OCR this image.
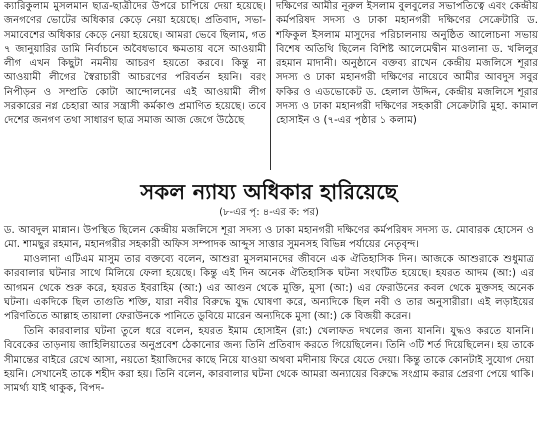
ক্যারিকুলাম মুসলমান ছাত্র-ছাত্রীদের উপরে চাপিয়ে দেয়া হয়েছে। জনগণের ভোটের অধিকার কেড়ে নেয়া হয়েছে। প্রতিবাদ, সভা-সমাবেশের অধিকার কেড়ে নেয়া হয়েছে। আমরা ভেবে ছিলাম, গত ৭ জানুয়ারির ডামি নির্বাচনে অবৈধভাবে ক্ষমতায় বসে আওয়ামী লীগ এখন কিছুটা নমনীয় আচরণ হয়তো করবে। কিন্তু না আওয়ামী লীগের স্বৈরাচারী আচরণের পরিবর্তন হয়নি। বরং নিপীড়ন ও সম্প্রতি কোটা আন্দোলনের এই আওয়ামী লীগ সরকারের নগ্ন চেহারা আর সন্ত্রাসী কর্মকাণ্ড প্রমাণিত হয়েছে। তবে দেশের জনগণ তথা সাধারণ ছাত্র সমাজ আজ জেগে উঠেছে

দক্ষিণের আমীর নূরুল ইসলাম বুলবুলের সভাপতিত্বে এবং কেন্দ্রীয় কর্মপরিষদ সদস্য ও ঢাকা মহানগরী দক্ষিণের সেক্রেটারি ড. শফিকুল ইসলাম মাসুদের পরিচালনায় অনুষ্ঠিত আলোচনা সভায় বিশেষ অতিথি ছিলেন বিশিষ্ট আলেমেদ্বীন মাওলানা ড. খলিলুর রহমান মাদানী। অনুষ্ঠানে বক্তব্য রাখেন কেন্দ্রীয় মজলিসে শূরার সদস্য ও ঢাকা মহানগরী দক্ষিণের নায়েবে আমীর আবদুস সবুর ফকির ও এডভোকেট ড. হেলাল উদ্দিন, কেন্দ্রীয় মজলিসে শূরার সদস্য ও ঢাকা মহানগরী দক্ষিণের সহকারী সেক্রেটারি মুহা. কামাল হোসাইন ও (৭-এর পৃষ্ঠার ১ কলাম)

সকল ন্যায্য অধিকার হারিয়েছে

(৮-এর পৃ: ৪-এর ক: পর)

ড. আবদুল মান্নান। উপস্থিত ছিলেন কেন্দ্রীয় মজলিসে শূরা সদস্য ও ঢাকা মহানগরী দক্ষিণের কর্মপরিষদ সদস্য ড. মোবারক হোসেন ও মো. শামছুর রহমান, মহানগরীর সহকারী অফিস সম্পাদক আব্দুস সাত্তার সুমনসহ বিভিন্ন পর্যায়ের নেতৃবৃন্দ।

মাওলানা এটিএম মাসুম তার বক্তব্যে বলেন, আশুরা মুসলমানদের জীবনে এক ঐতিহাসিক দিন। আজকে আশুরাকে শুধুমাত্র কারবালার ঘটনার সাথে মিলিয়ে ফেলা হয়েছে। কিন্তু এই দিন অনেক ঐতিহাসিক ঘটনা সংঘটিত হয়েছে। হযরত আদম (আ:) এর আগমন থেকে শুরু করে, হযরত ইবরাহিম (আ:) এর আগুন থেকে মুক্তি, মুসা (আ:) এর ফেরাউনের কবল থেকে মুক্তসহ অনেক ঘটনা। একদিকে ছিল তাগুতি শক্তি, যারা নবীর বিরুদ্ধে যুদ্ধ ঘোষণা করে, অন্যদিকে ছিল নবী ও তার অনুসারীরা। এই লড়াইয়ের পরিণতিতে আল্লাহ তায়ালা ফেরাউনকে পানিতে ডুবিয়ে মারেন অন্যদিকে মুসা (আ:) কে বিজয়ী করেন।

তিনি কারবালার ঘটনা তুলে ধরে বলেন, হযরত ইমাম হোসাইন (রা:) খেলাফত দখলের জন্য যাননি। যুদ্ধও করতে যাননি। বিবেকের তাড়নায় জাহিলিয়াতের অনুপ্রবেশ ঠেকানোর জন্য তিনি প্রতিবাদ করতে গিয়েছিলেন। তিনি ৩টি শর্ত দিয়েছিলেন। হয় তাকে সীমান্তের বাইরে রেখে আসা, নয়তো ইয়াজিদের কাছে নিয়ে যাওয়া অথবা মদীনায় ফিরে যেতে দেয়া। কিন্তু তাকে কোনটাই সুযোগ দেয়া হয়নি। সেখানেই তাকে শহীদ করা হয়। তিনি বলেন, কারবালার ঘটনা থেকে আমরা অন্যায়ের বিরুদ্ধে সংগ্রাম করার প্রেরণা পেয়ে থাকি। সামর্থ্য যাই থাকুক, বিপদ-
